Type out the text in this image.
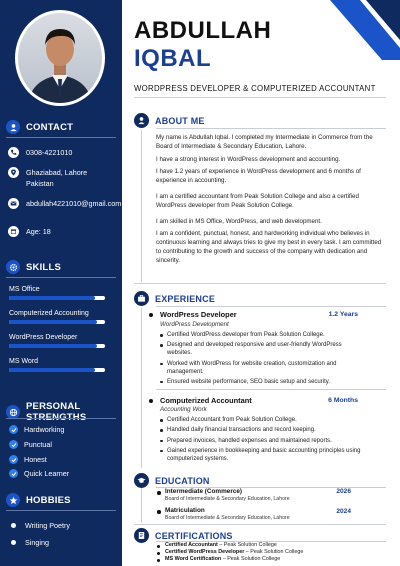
CONTACT
0308-4221010
Ghaziabad, Lahore Pakistan
abdullah4221010@gmail.com
Age: 18
SKILLS
MS Office
Computerized Accounting
WordPress Developer
MS Word
PERSONAL
Hardworking
Punctual
Honest
Quick Learner
HOBBIES
Writing Poetry
Singing
ABDULLAH
IQBAL
WORDPRESS DEVELOPER & COMPUTERIZED ACCOUNTANT
ABOUT ME

My name is Abdullah Iqbal. I completed my Intermediate in Commerce from the Board of Intermediate & Secondary Education, Lahore.

I have a strong interest in WordPress development and accounting.

I have 1.2 years of experience in WordPress development and 6 months of experience in accounting.

I am a certified accountant from Peak Solution College and also a certified WordPress developer from Peak Solution College.

I am skilled in MS Office, WordPress, and web development.

I am a confident, punctual, honest, and hardworking individual who believes in continuous learning and always tries to give my best in every task. I am committed to contributing to the growth and success of the company with dedication and sincerity.

EXPERIENCE
WordPress Developer	1.2 Years
WordPress Development
Certified WordPress developer from Peak Solution College.
Designed and developed responsive and user-friendly WordPress websites.
Worked with WordPress for website creation, customization and management.
Ensured website performance, SEO basic setup and security.
Computerized Accountant	6 Months
Accounting Work
Certified Accountant from Peak Solution College.
Handled daily financial transactions and record keeping.
Prepared invoices, handled expenses and maintained reports.
Gained experience in bookkeeping and basic accounting principles using computerized systems.
EDUCATION
Intermediate (Commerce)	2026
Board of Intermediate & Secondary Education, Lahore
Matriculation	2024
Board of Intermediate & Secondary Education, Lahore
CERTIFICATIONS
Certified Accountant – Peak Solution College
Certified WordPress Developer – Peak Solution College
MS Word Certification – Peak Solution College
